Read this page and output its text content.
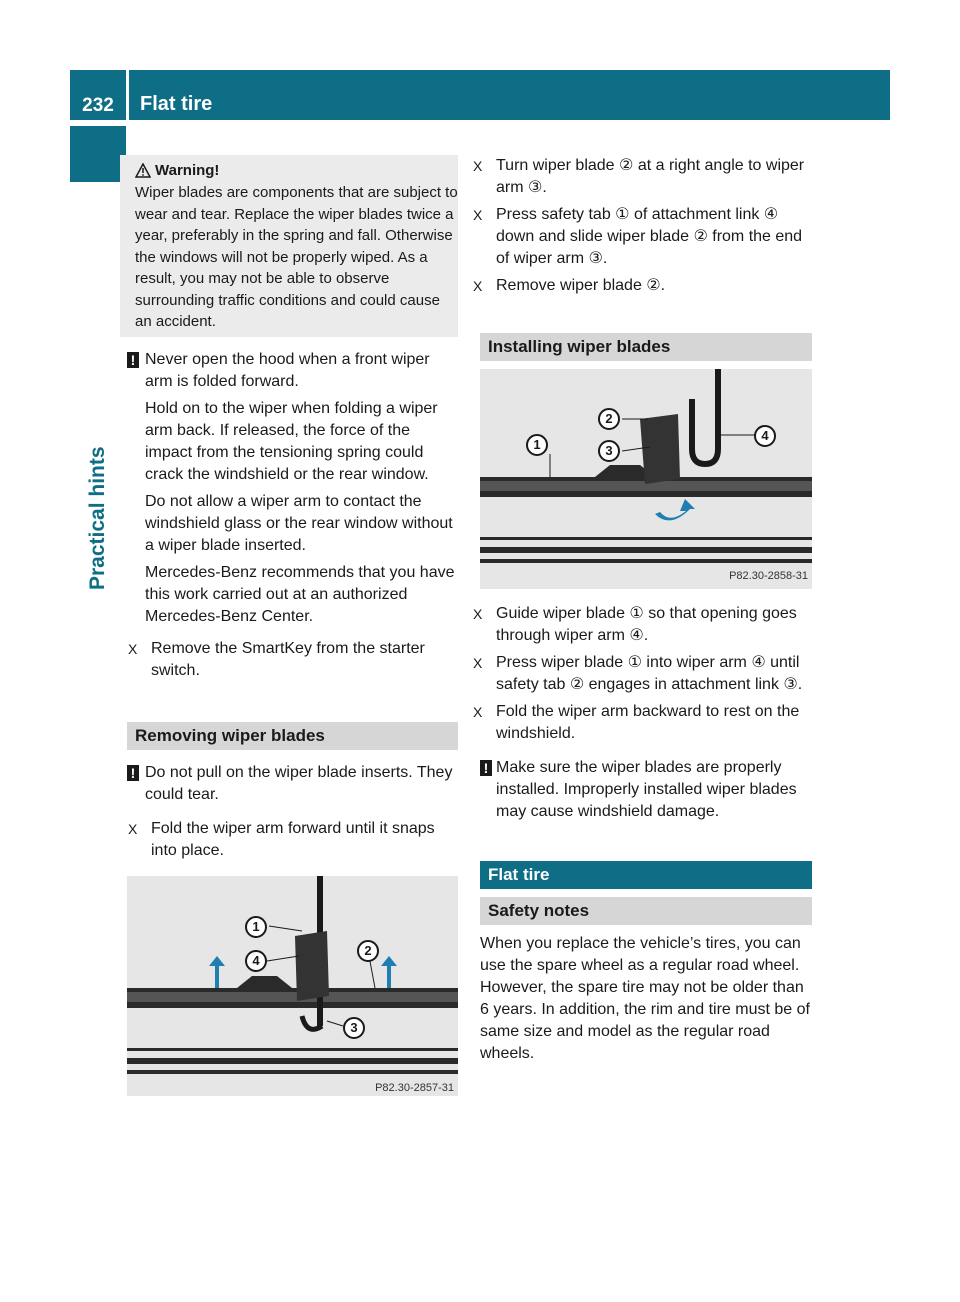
232	Flat tire
Practical hints
Warning!
Wiper blades are components that are subject to wear and tear. Replace the wiper blades twice a year, preferably in the spring and fall. Otherwise the windows will not be properly wiped. As a result, you may not be able to observe surrounding traffic conditions and could cause an accident.
! Never open the hood when a front wiper arm is folded forward.

Hold on to the wiper when folding a wiper arm back. If released, the force of the impact from the tensioning spring could crack the windshield or the rear window.

Do not allow a wiper arm to contact the windshield glass or the rear window without a wiper blade inserted.

Mercedes-Benz recommends that you have this work carried out at an authorized Mercedes-Benz Center.

X Remove the SmartKey from the starter switch.
Removing wiper blades
! Do not pull on the wiper blade inserts. They could tear.

X Fold the wiper arm forward until it snaps into place.
1
4
2
3
P82.30-2857-31
X Turn wiper blade ② at a right angle to wiper arm ③.
X Press safety tab ① of attachment link ④ down and slide wiper blade ② from the end of wiper arm ③.
X Remove wiper blade ②.
Installing wiper blades
1
2
3
4
P82.30-2858-31
X Guide wiper blade ① so that opening goes through wiper arm ④.
X Press wiper blade ① into wiper arm ④ until safety tab ② engages in attachment link ③.
X Fold the wiper arm backward to rest on the windshield.
! Make sure the wiper blades are properly installed. Improperly installed wiper blades may cause windshield damage.

Flat tire
Safety notes
When you replace the vehicle’s tires, you can use the spare wheel as a regular road wheel. However, the spare tire may not be older than 6 years. In addition, the rim and tire must be of same size and model as the regular road wheels.
